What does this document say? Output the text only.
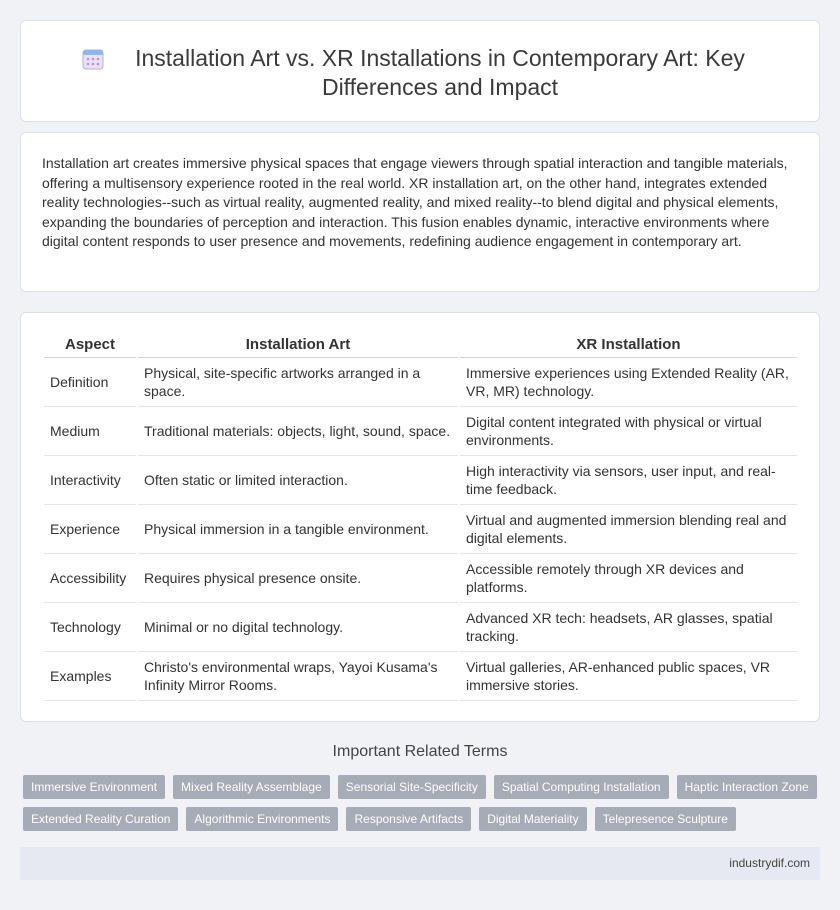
Installation Art vs. XR Installations in Contemporary Art: Key Differences and Impact

Installation art creates immersive physical spaces that engage viewers through spatial interaction and tangible materials, offering a multisensory experience rooted in the real world. XR installation art, on the other hand, integrates extended reality technologies--such as virtual reality, augmented reality, and mixed reality--to blend digital and physical elements, expanding the boundaries of perception and interaction. This fusion enables dynamic, interactive environments where digital content responds to user presence and movements, redefining audience engagement in contemporary art.

Aspect	Installation Art	XR Installation
Definition	Physical, site-specific artworks arranged in a space.	Immersive experiences using Extended Reality (AR, VR, MR) technology.
Medium	Traditional materials: objects, light, sound, space.	Digital content integrated with physical or virtual environments.
Interactivity	Often static or limited interaction.	High interactivity via sensors, user input, and real-time feedback.
Experience	Physical immersion in a tangible environment.	Virtual and augmented immersion blending real and digital elements.
Accessibility	Requires physical presence onsite.	Accessible remotely through XR devices and platforms.
Technology	Minimal or no digital technology.	Advanced XR tech: headsets, AR glasses, spatial tracking.
Examples	Christo's environmental wraps, Yayoi Kusama's Infinity Mirror Rooms.	Virtual galleries, AR-enhanced public spaces, VR immersive stories.
Important Related Terms
Immersive Environment	Mixed Reality Assemblage	Sensorial Site-Specificity	Spatial Computing Installation	Haptic Interaction Zone
Extended Reality Curation	Algorithmic Environments	Responsive Artifacts	Digital Materiality	Telepresence Sculpture
industrydif.com
